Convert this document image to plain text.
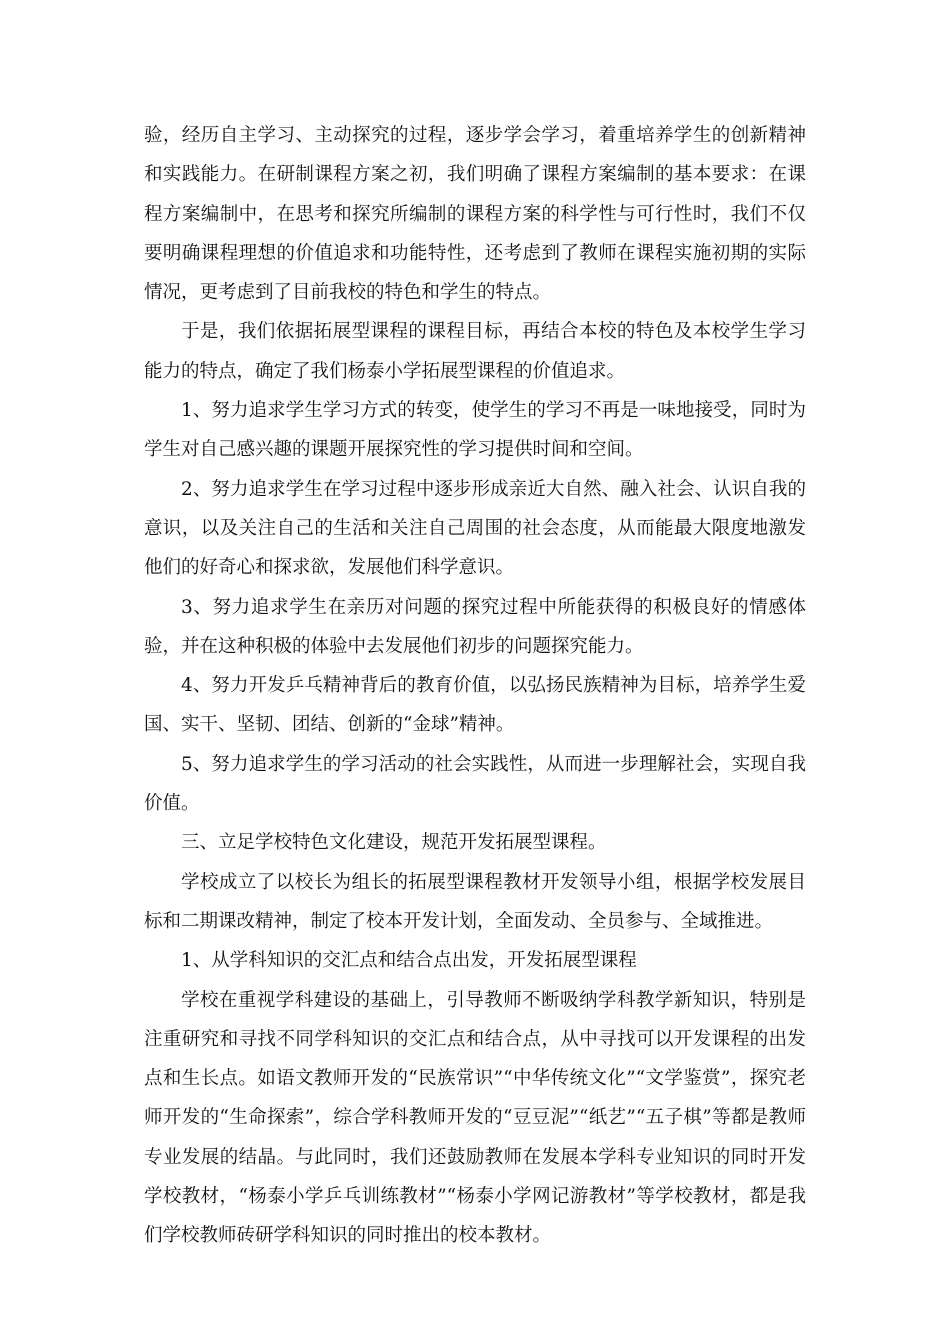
验，经历自主学习、主动探究的过程，逐步学会学习，着重培养学生的创新精神和实践能力。在研制课程方案之初，我们明确了课程方案编制的基本要求：在课程方案编制中，在思考和探究所编制的课程方案的科学性与可行性时，我们不仅要明确课程理想的价值追求和功能特性，还考虑到了教师在课程实施初期的实际情况，更考虑到了目前我校的特色和学生的特点。

于是，我们依据拓展型课程的课程目标，再结合本校的特色及本校学生学习能力的特点，确定了我们杨泰小学拓展型课程的价值追求。

1、努力追求学生学习方式的转变，使学生的学习不再是一味地接受，同时为学生对自己感兴趣的课题开展探究性的学习提供时间和空间。

2、努力追求学生在学习过程中逐步形成亲近大自然、融入社会、认识自我的意识，以及关注自己的生活和关注自己周围的社会态度，从而能最大限度地激发他们的好奇心和探求欲，发展他们科学意识。

3、努力追求学生在亲历对问题的探究过程中所能获得的积极良好的情感体验，并在这种积极的体验中去发展他们初步的问题探究能力。

4、努力开发乒乓精神背后的教育价值，以弘扬民族精神为目标，培养学生爱国、实干、坚韧、团结、创新的“金球”精神。

5、努力追求学生的学习活动的社会实践性，从而进一步理解社会，实现自我价值。

三、立足学校特色文化建设，规范开发拓展型课程。

学校成立了以校长为组长的拓展型课程教材开发领导小组，根据学校发展目标和二期课改精神，制定了校本开发计划，全面发动、全员参与、全域推进。

1、从学科知识的交汇点和结合点出发，开发拓展型课程

学校在重视学科建设的基础上，引导教师不断吸纳学科教学新知识，特别是注重研究和寻找不同学科知识的交汇点和结合点，从中寻找可以开发课程的出发点和生长点。如语文教师开发的“民族常识”“中华传统文化”“文学鉴赏”，探究老师开发的“生命探索”，综合学科教师开发的“豆豆泥”“纸艺”“五子棋”等都是教师专业发展的结晶。与此同时，我们还鼓励教师在发展本学科专业知识的同时开发学校教材，“杨泰小学乒乓训练教材”“杨泰小学网记游教材”等学校教材，都是我们学校教师砖研学科知识的同时推出的校本教材。
